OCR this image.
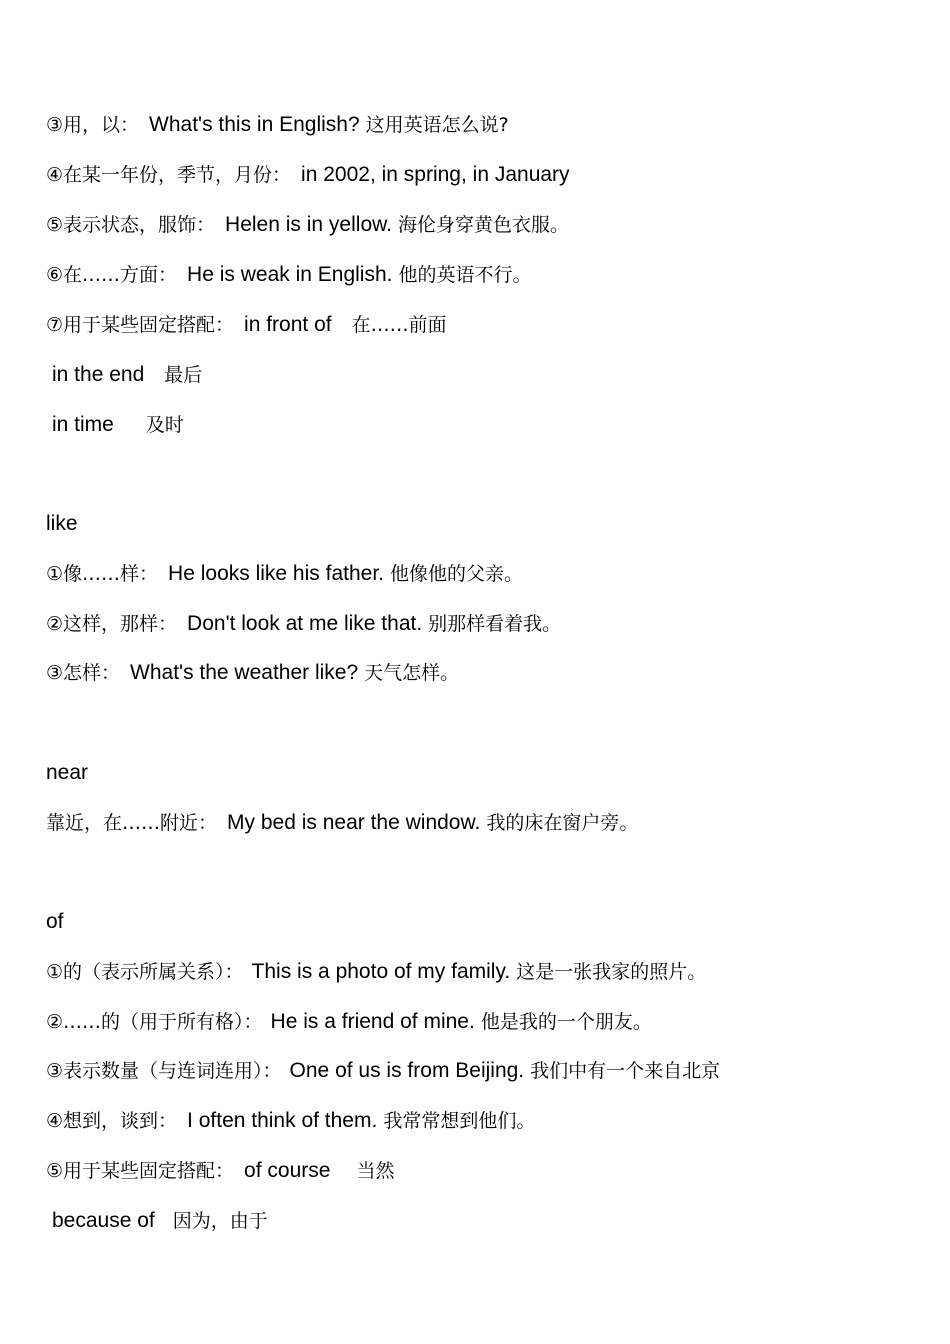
③用，以： What's this in English? 这用英语怎么说?
④在某一年份，季节，月份： in 2002, in spring, in January
⑤表示状态，服饰： Helen is in yellow. 海伦身穿黄色衣服。
⑥在……方面： He is weak in English. 他的英语不行。
⑦用于某些固定搭配： in front of 在……前面
in the end 最后
in time 及时
like
①像……样： He looks like his father. 他像他的父亲。
②这样，那样： Don't look at me like that. 别那样看着我。
③怎样： What's the weather like? 天气怎样。
near
靠近，在……附近： My bed is near the window. 我的床在窗户旁。
of
①的（表示所属关系）： This is a photo of my family. 这是一张我家的照片。
②……的（用于所有格）： He is a friend of mine. 他是我的一个朋友。
③表示数量（与连词连用）： One of us is from Beijing. 我们中有一个来自北京
④想到，谈到： I often think of them. 我常常想到他们。
⑤用于某些固定搭配： of course 当然
because of 因为，由于
